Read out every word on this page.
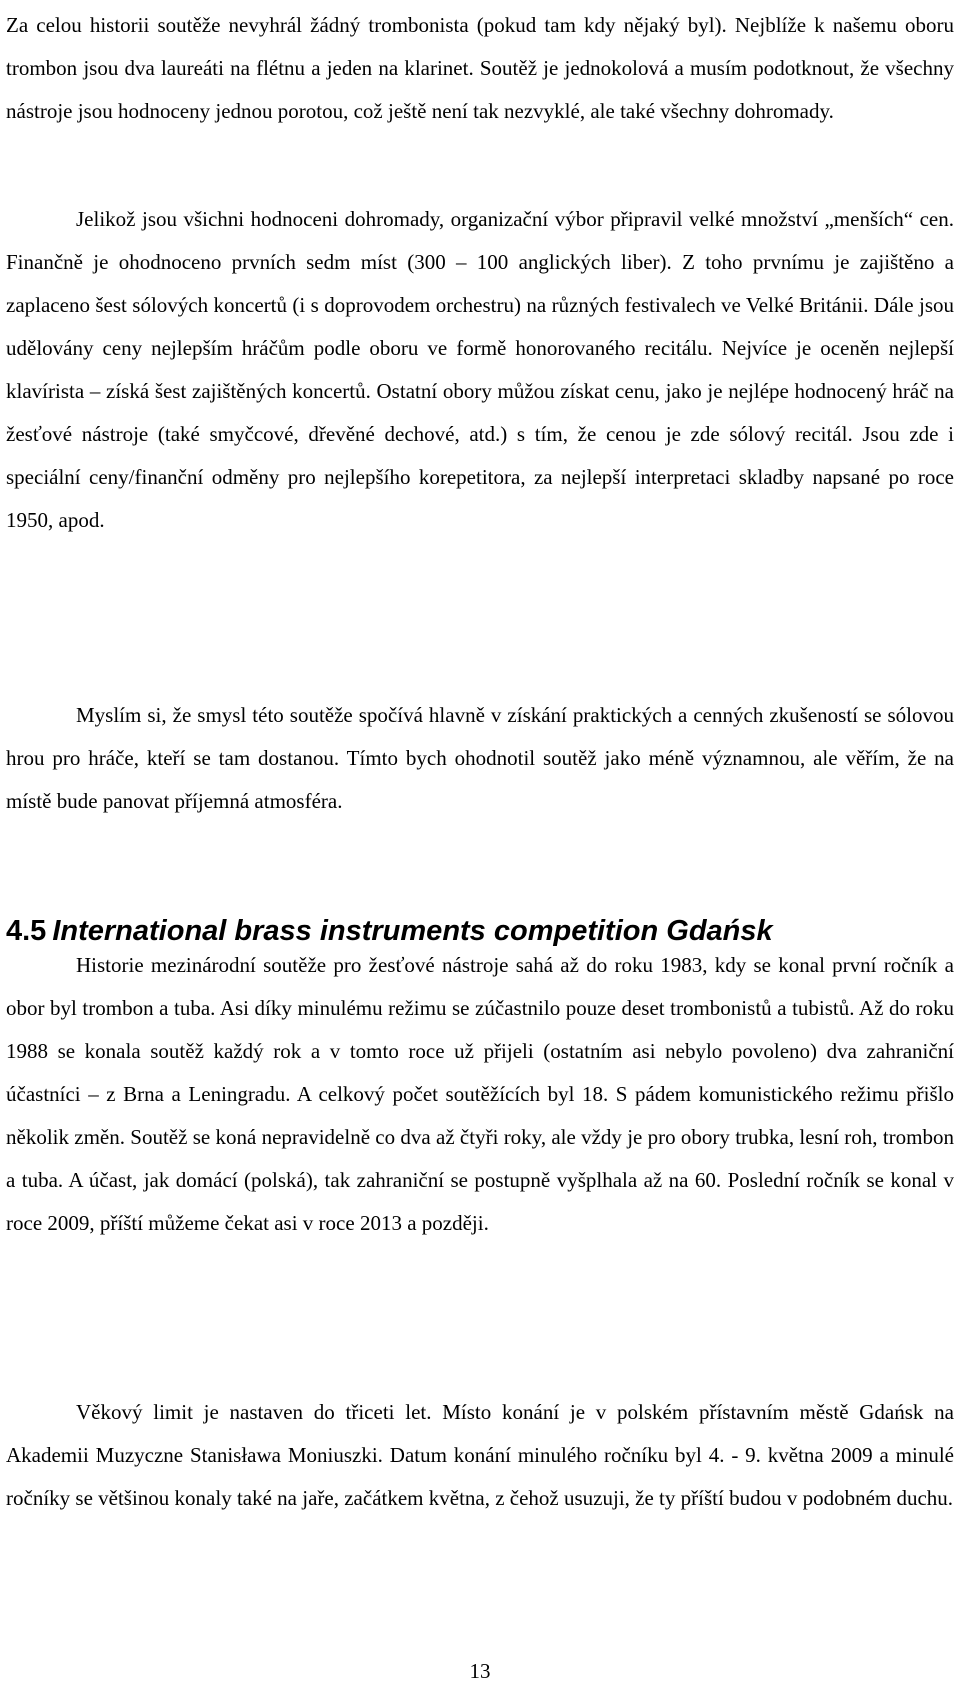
Za celou historii soutěže nevyhrál žádný trombonista (pokud tam kdy nějaký byl). Nejblíže k našemu oboru trombon jsou dva laureáti na flétnu a jeden na klarinet. Soutěž je jednokolová a musím podotknout, že všechny nástroje jsou hodnoceny jednou porotou, což ještě není tak nezvyklé, ale také všechny dohromady.

Jelikož jsou všichni hodnoceni dohromady, organizační výbor připravil velké množství „menších“ cen. Finančně je ohodnoceno prvních sedm míst (300 – 100 anglických liber). Z toho prvnímu je zajištěno a zaplaceno šest sólových koncertů (i s doprovodem orchestru) na různých festivalech ve Velké Británii. Dále jsou udělovány ceny nejlepším hráčům podle oboru ve formě honorovaného recitálu. Nejvíce je oceněn nejlepší klavírista – získá šest zajištěných koncertů. Ostatní obory můžou získat cenu, jako je nejlépe hodnocený hráč na žesťové nástroje (také smyčcové, dřevěné dechové, atd.) s tím, že cenou je zde sólový recitál. Jsou zde i speciální ceny/finanční odměny pro nejlepšího korepetitora, za nejlepší interpretaci skladby napsané po roce 1950, apod.

Myslím si, že smysl této soutěže spočívá hlavně v získání praktických a cenných zkušeností se sólovou hrou pro hráče, kteří se tam dostanou. Tímto bych ohodnotil soutěž jako méně významnou, ale věřím, že na místě bude panovat příjemná atmosféra.

4.5 International brass instruments competition Gdańsk

Historie mezinárodní soutěže pro žesťové nástroje sahá až do roku 1983, kdy se konal první ročník a obor byl trombon a tuba. Asi díky minulému režimu se zúčastnilo pouze deset trombonistů a tubistů. Až do roku 1988 se konala soutěž každý rok a v tomto roce už přijeli (ostatním asi nebylo povoleno) dva zahraniční účastníci – z Brna a Leningradu. A celkový počet soutěžících byl 18. S pádem komunistického režimu přišlo několik změn. Soutěž se koná nepravidelně co dva až čtyři roky, ale vždy je pro obory trubka, lesní roh, trombon a tuba. A účast, jak domácí (polská), tak zahraniční se postupně vyšplhala až na 60. Poslední ročník se konal v roce 2009, příští můžeme čekat asi v roce 2013 a později.

Věkový limit je nastaven do třiceti let. Místo konání je v polském přístavním městě Gdańsk na Akademii Muzyczne Stanisława Moniuszki. Datum konání minulého ročníku byl 4. - 9. května 2009 a minulé ročníky se většinou konaly také na jaře, začátkem května, z čehož usuzuji, že ty příští budou v podobném duchu.

13
